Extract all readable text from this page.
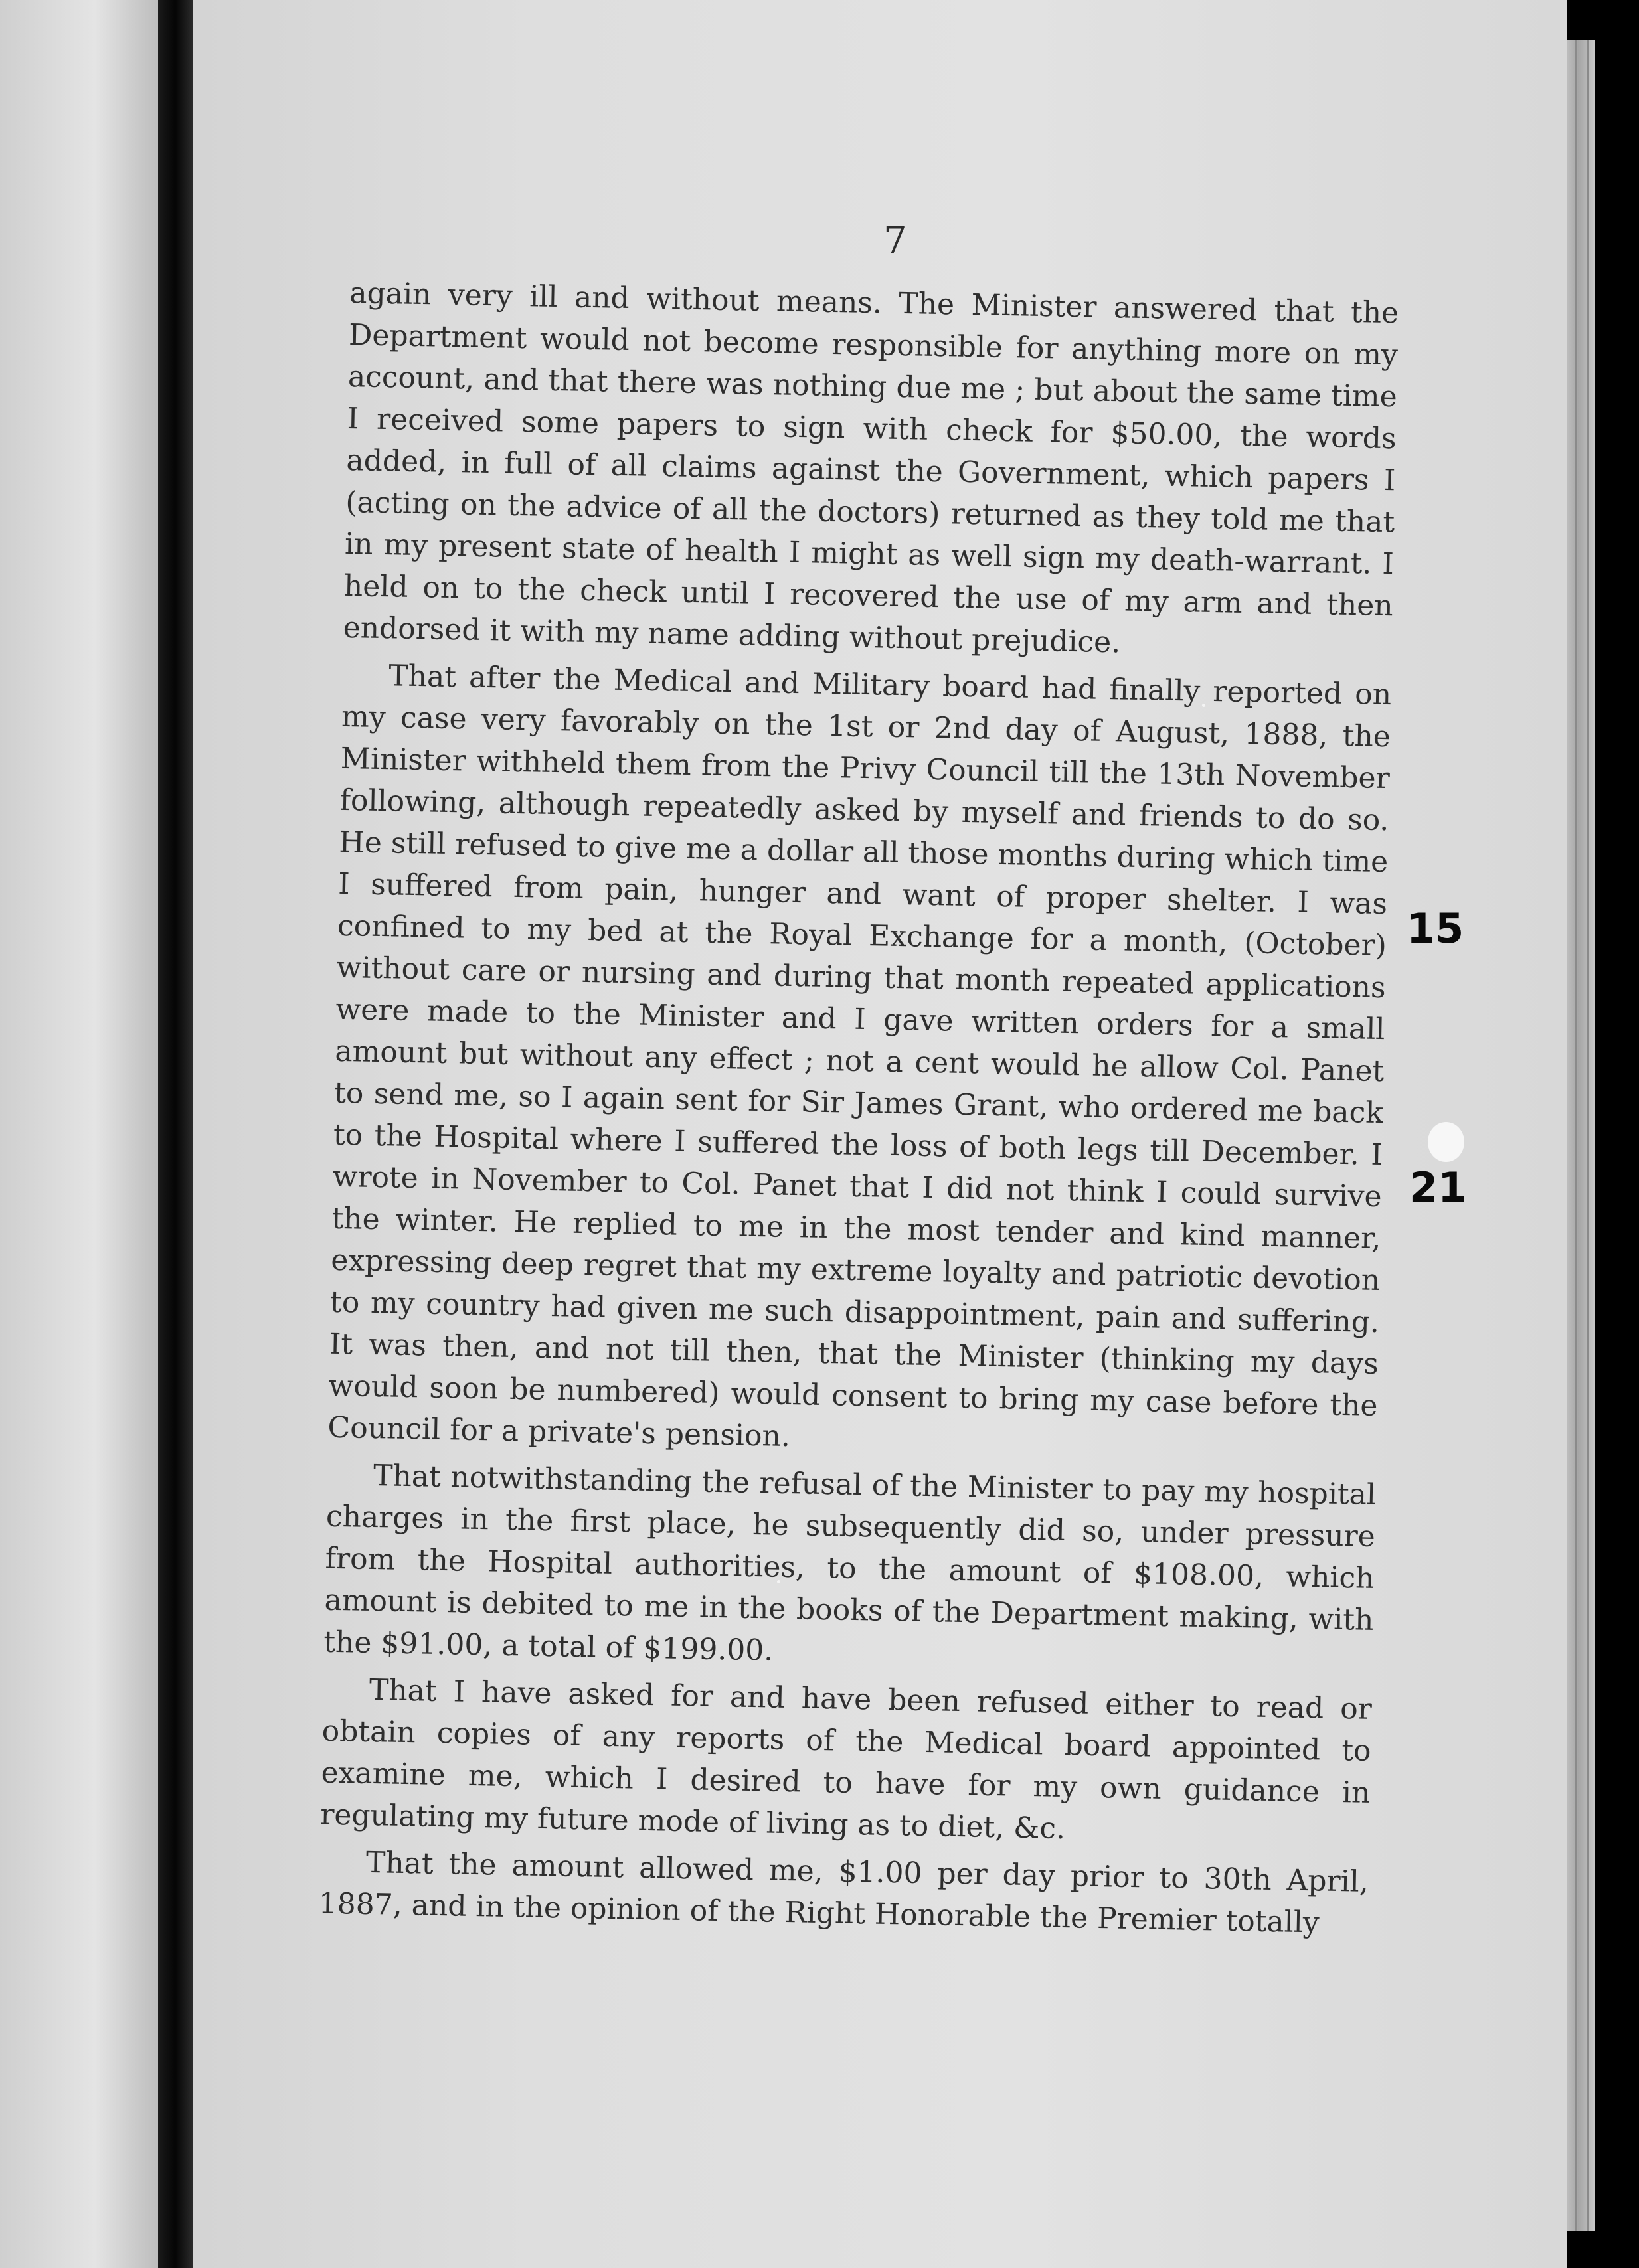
7

again very ill and without means. The Minister answered that the Department would not become responsible for anything more on my account, and that there was nothing due me ; but about the same time I received some papers to sign with check for $50.00, the words added, in full of all claims against the Government, which papers I (acting on the advice of all the doctors) returned as they told me that in my present state of health I might as well sign my death-warrant. I held on to the check until I recovered the use of my arm and then endorsed it with my name adding without prejudice.

That after the Medical and Military board had finally reported on my case very favorably on the 1st or 2nd day of August, 1888, the Minister withheld them from the Privy Council till the 13th November following, although repeatedly asked by myself and friends to do so. He still refused to give me a dollar all those months during which time I suffered from pain, hunger and want of proper shelter. I was confined to my bed at the Royal Exchange for a month, (October) without care or nursing and during that month repeated applications were made to the Minister and I gave written orders for a small amount but without any effect ; not a cent would he allow Col. Panet to send me, so I again sent for Sir James Grant, who ordered me back to the Hospital where I suffered the loss of both legs till December. I wrote in November to Col. Panet that I did not think I could survive the winter. He replied to me in the most tender and kind manner, expressing deep regret that my extreme loyalty and patriotic devotion to my country had given me such disappointment, pain and suffering. It was then, and not till then, that the Minister (thinking my days would soon be numbered) would consent to bring my case before the Council for a private's pension.

That notwithstanding the refusal of the Minister to pay my hospital charges in the first place, he subsequently did so, under pressure from the Hospital authorities, to the amount of $108.00, which amount is debited to me in the books of the Department making, with the $91.00, a total of $199.00.

That I have asked for and have been refused either to read or obtain copies of any reports of the Medical board appointed to examine me, which I desired to have for my own guidance in regulating my future mode of living as to diet, &c.

That the amount allowed me, $1.00 per day prior to 30th April, 1887, and in the opinion of the Right Honorable the Premier totally

15
21
